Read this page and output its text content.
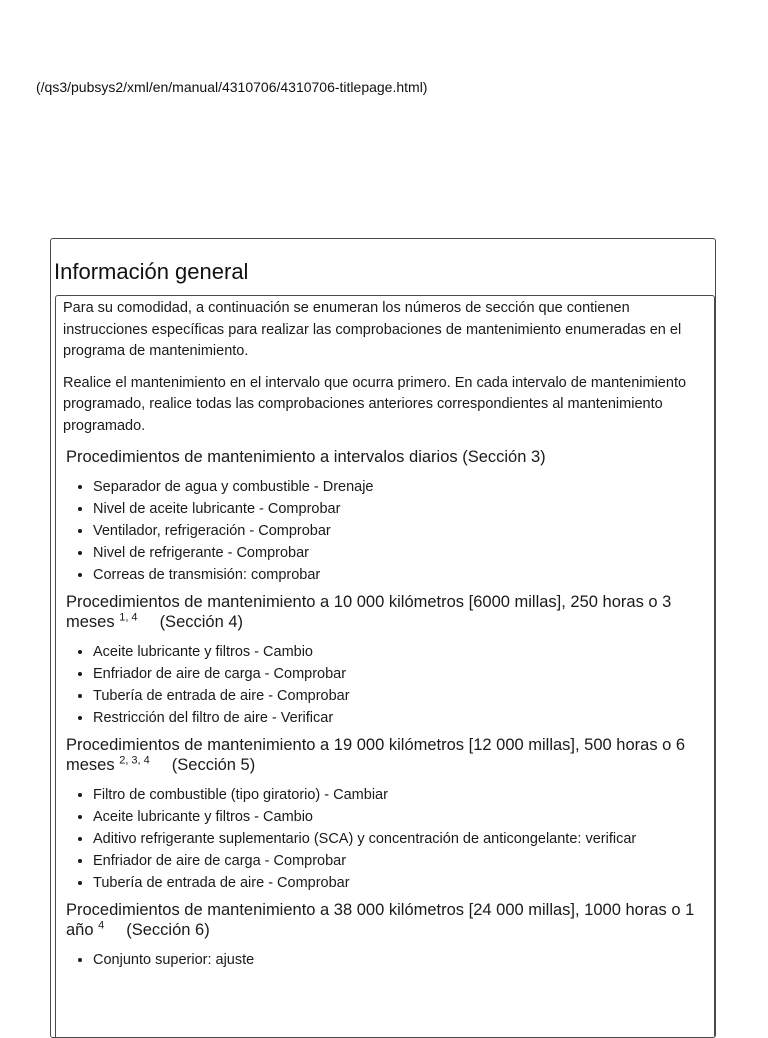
(/qs3/pubsys2/xml/en/manual/4310706/4310706-titlepage.html)
Información general

Para su comodidad, a continuación se enumeran los números de sección que contienen instrucciones específicas para realizar las comprobaciones de mantenimiento enumeradas en el programa de mantenimiento.

Realice el mantenimiento en el intervalo que ocurra primero. En cada intervalo de mantenimiento programado, realice todas las comprobaciones anteriores correspondientes al mantenimiento programado.

Procedimientos de mantenimiento a intervalos diarios (Sección 3)
• Separador de agua y combustible - Drenaje
• Nivel de aceite lubricante - Comprobar
• Ventilador, refrigeración - Comprobar
• Nivel de refrigerante - Comprobar
• Correas de transmisión: comprobar
Procedimientos de mantenimiento a 10 000 kilómetros [6000 millas], 250 horas o 3 meses $^{1, 4}$ (Sección 4)
• Aceite lubricante y filtros - Cambio
• Enfriador de aire de carga - Comprobar
• Tubería de entrada de aire - Comprobar
• Restricción del filtro de aire - Verificar
Procedimientos de mantenimiento a 19 000 kilómetros [12 000 millas], 500 horas o 6 meses $^{2, 3, 4}$ (Sección 5)
• Filtro de combustible (tipo giratorio) - Cambiar
• Aceite lubricante y filtros - Cambio
• Aditivo refrigerante suplementario (SCA) y concentración de anticongelante: verificar
• Enfriador de aire de carga - Comprobar
• Tubería de entrada de aire - Comprobar
Procedimientos de mantenimiento a 38 000 kilómetros [24 000 millas], 1000 horas o 1 año $^4$ (Sección 6)
• Conjunto superior: ajuste
